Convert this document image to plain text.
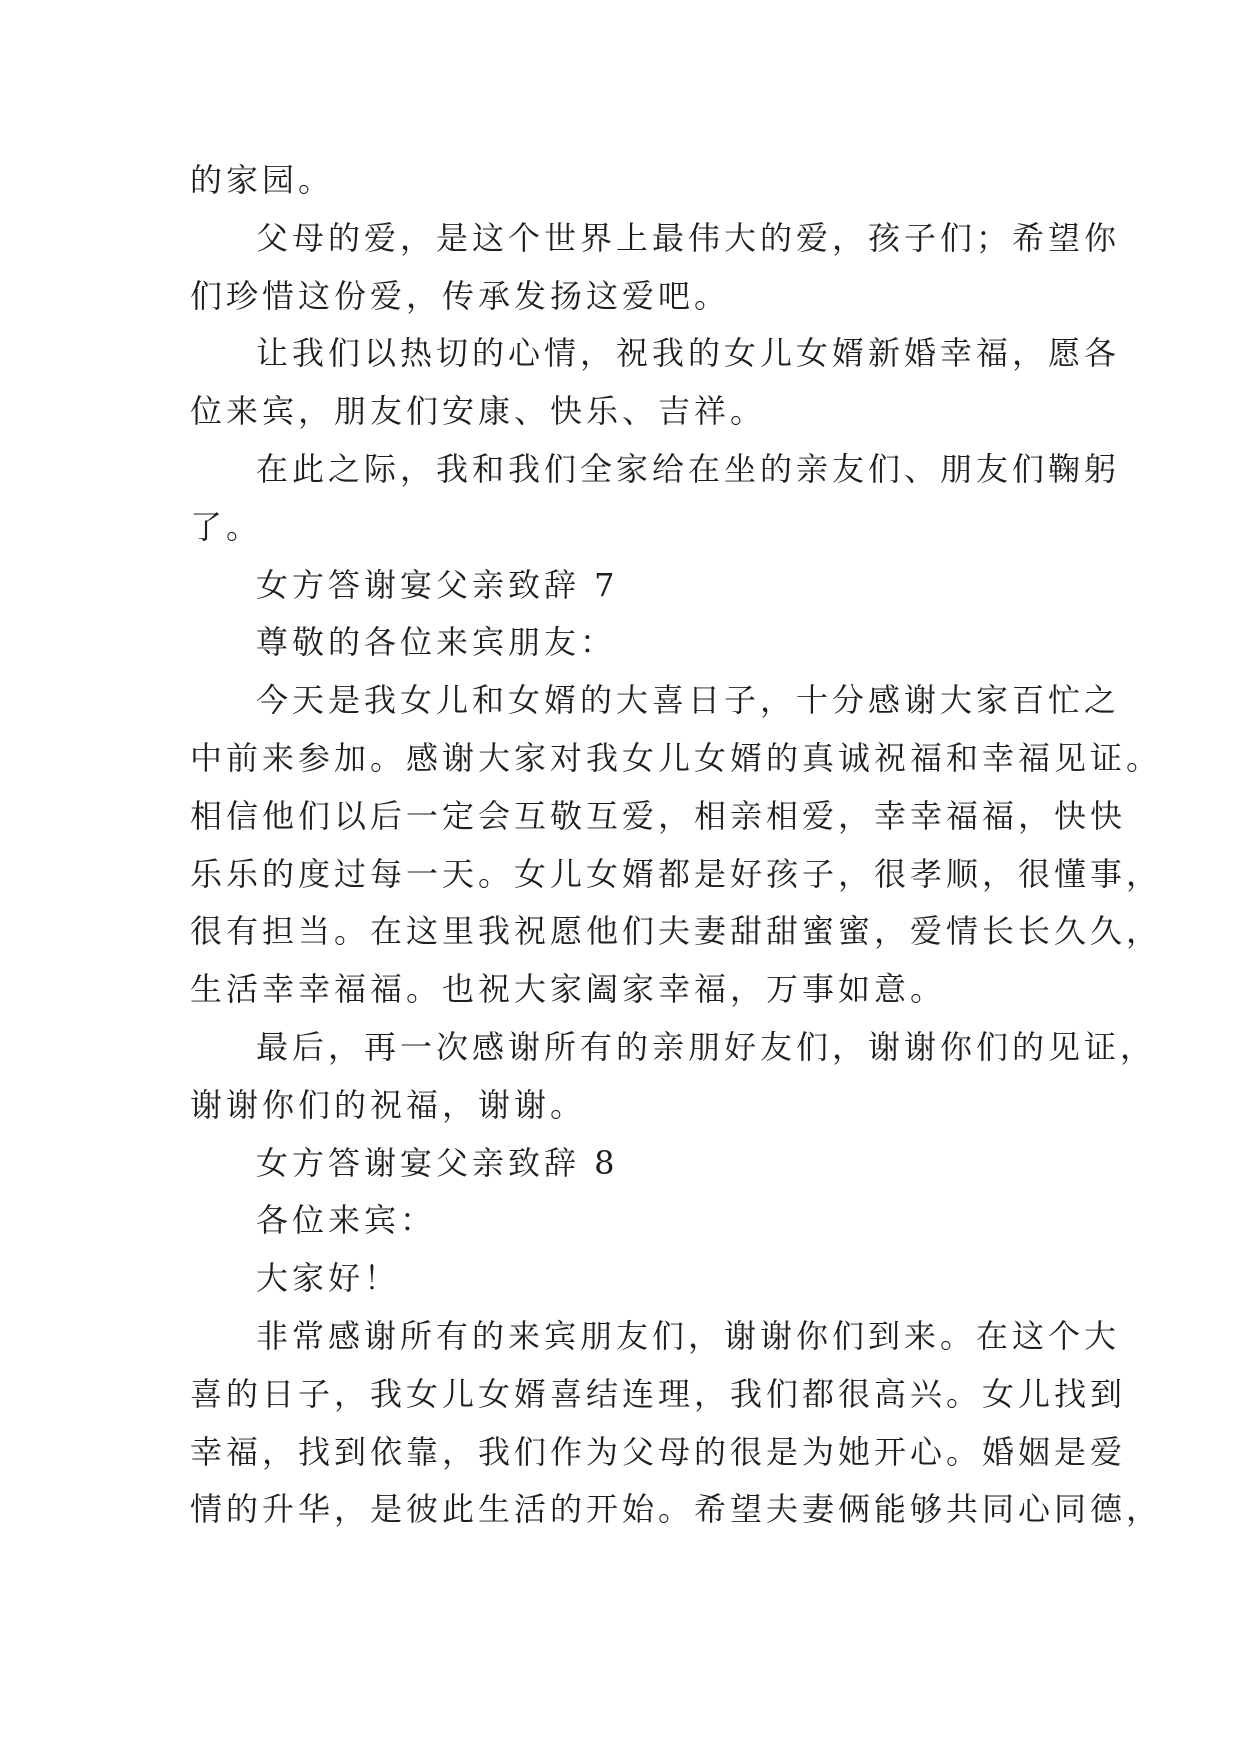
的家园。
父母的爱，是这个世界上最伟大的爱，孩子们；希望你
们珍惜这份爱，传承发扬这爱吧。
让我们以热切的心情，祝我的女儿女婿新婚幸福，愿各
位来宾，朋友们安康、快乐、吉祥。
在此之际，我和我们全家给在坐的亲友们、朋友们鞠躬
了。
女方答谢宴父亲致辞 7
尊敬的各位来宾朋友：
今天是我女儿和女婿的大喜日子，十分感谢大家百忙之
中前来参加。感谢大家对我女儿女婿的真诚祝福和幸福见证。
相信他们以后一定会互敬互爱，相亲相爱，幸幸福福，快快
乐乐的度过每一天。女儿女婿都是好孩子，很孝顺，很懂事，
很有担当。在这里我祝愿他们夫妻甜甜蜜蜜，爱情长长久久，
生活幸幸福福。也祝大家阖家幸福，万事如意。
最后，再一次感谢所有的亲朋好友们，谢谢你们的见证，
谢谢你们的祝福，谢谢。
女方答谢宴父亲致辞 8
各位来宾：
大家好！
非常感谢所有的来宾朋友们，谢谢你们到来。在这个大
喜的日子，我女儿女婿喜结连理，我们都很高兴。女儿找到
幸福，找到依靠，我们作为父母的很是为她开心。婚姻是爱
情的升华，是彼此生活的开始。希望夫妻俩能够共同心同德，
